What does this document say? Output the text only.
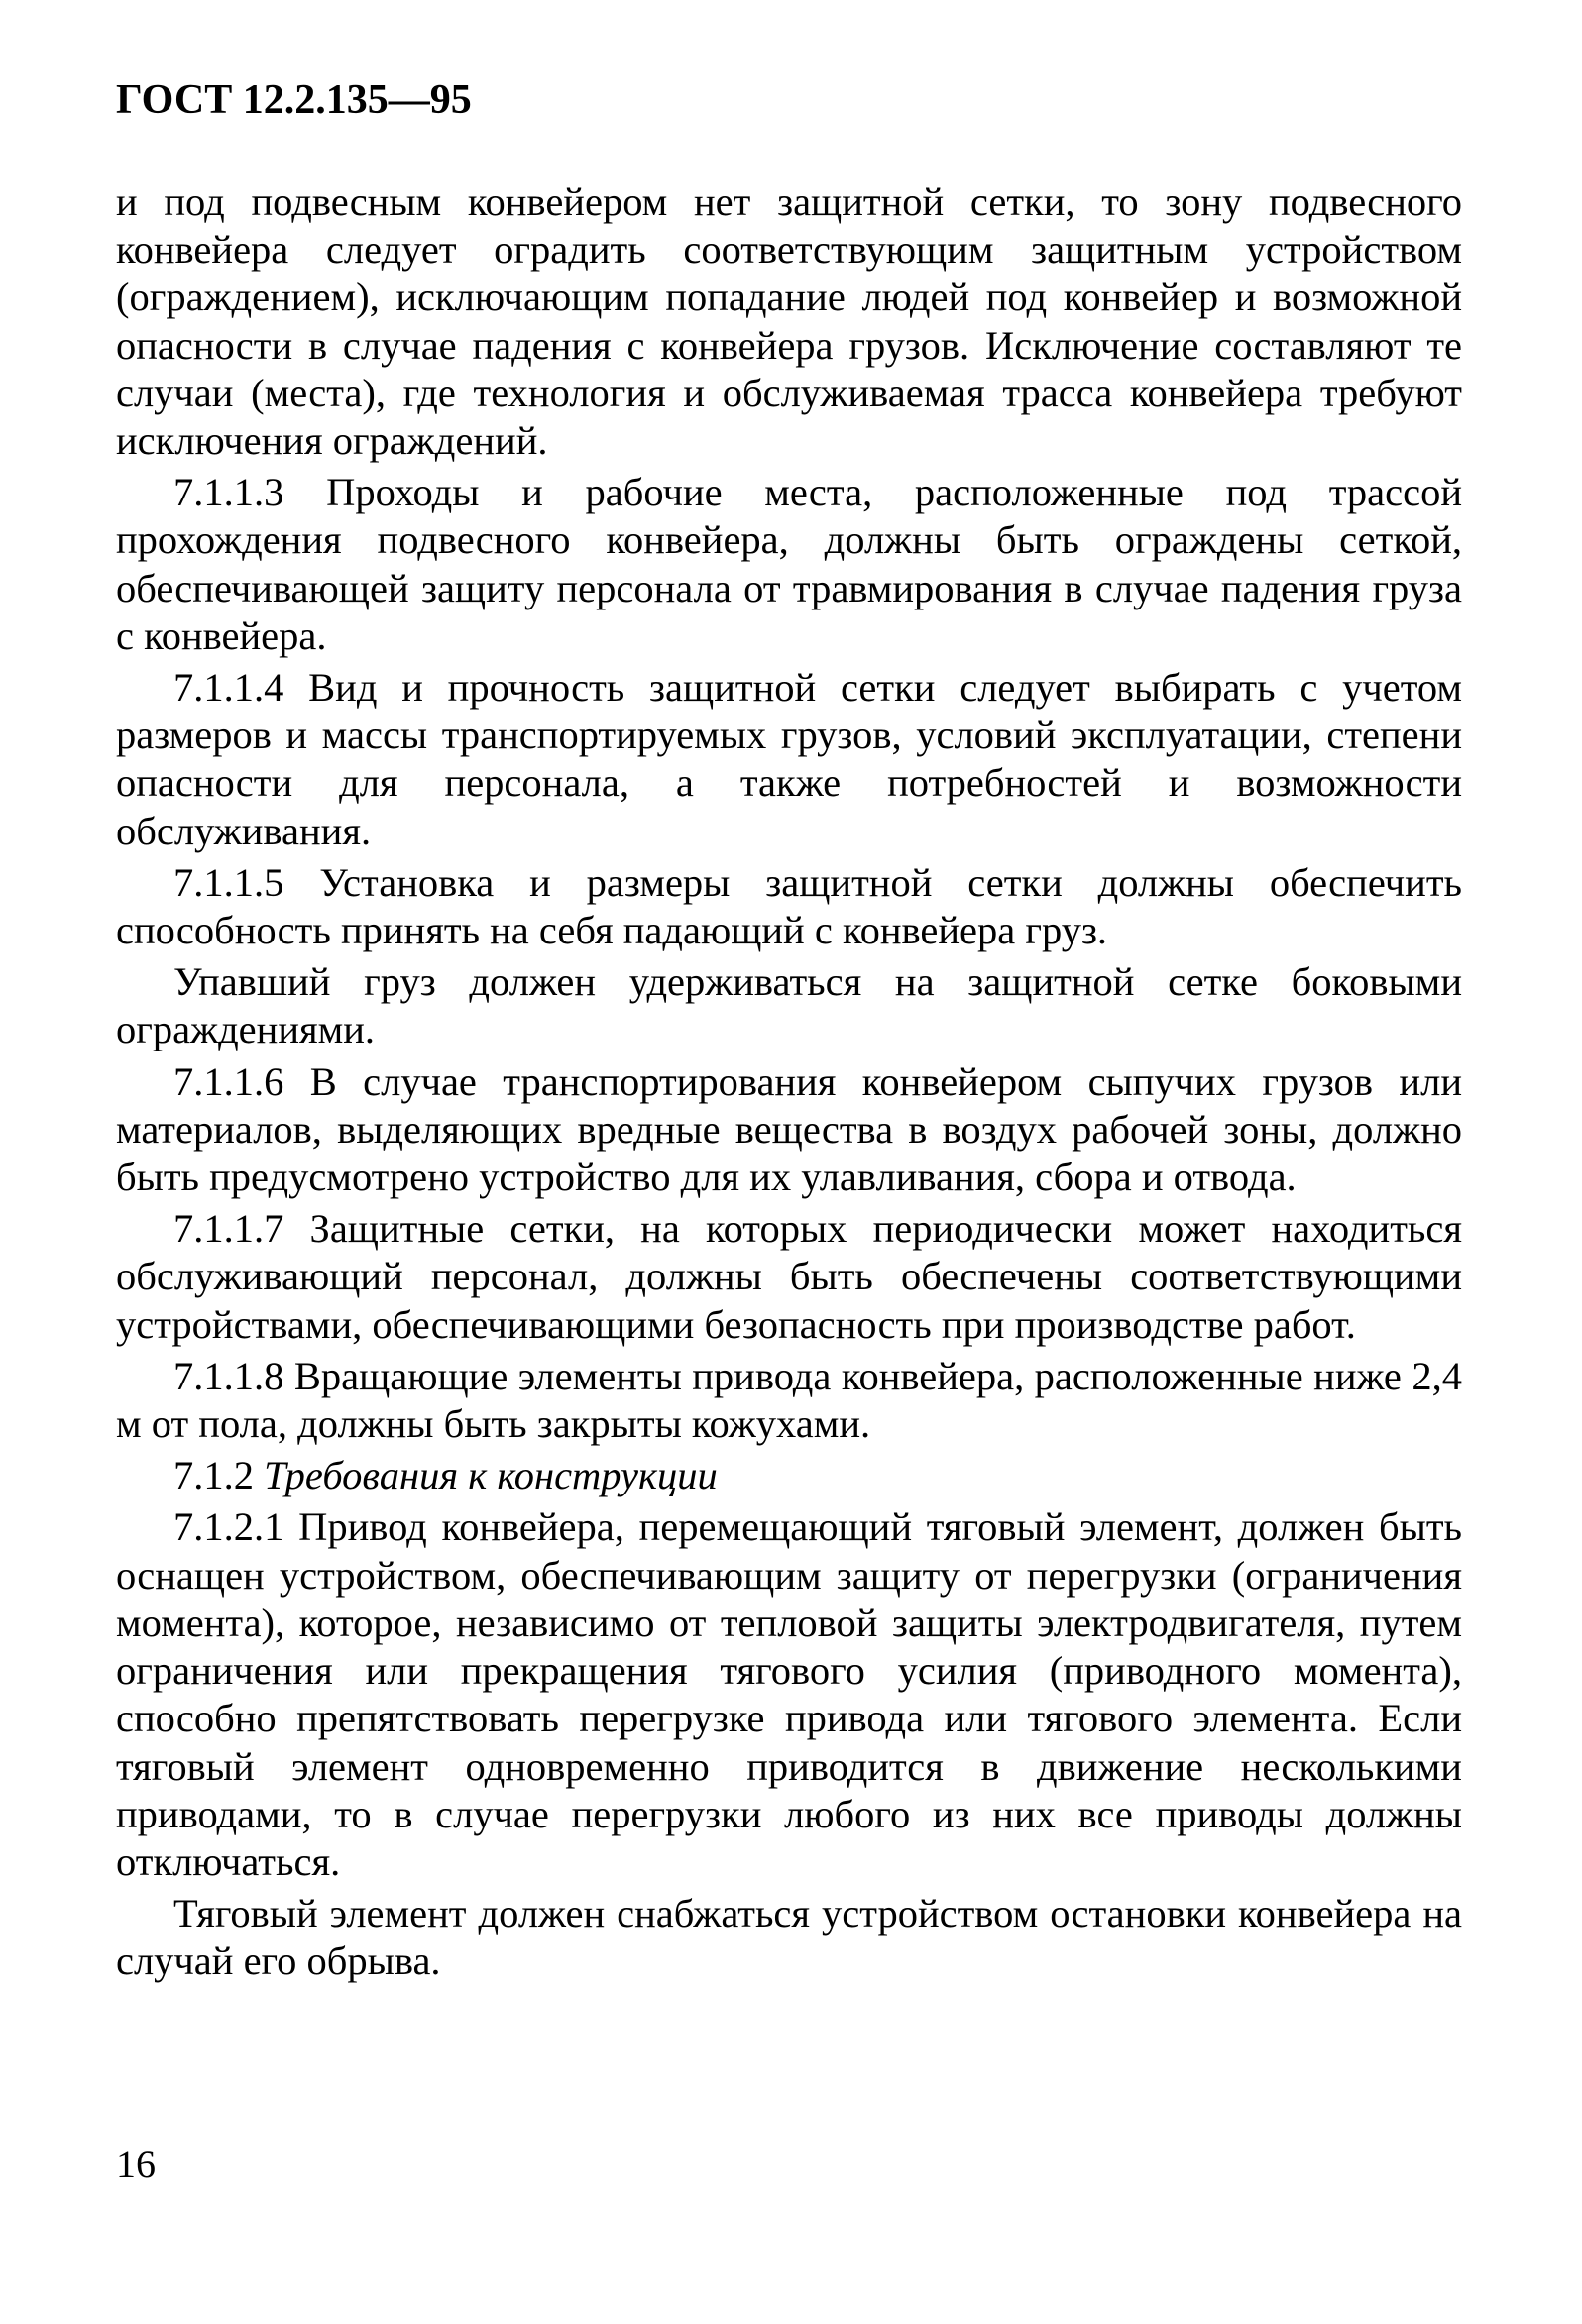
ГОСТ 12.2.135—95

и под подвесным конвейером нет защитной сетки, то зону подвесного конвейера следует оградить соответствующим защитным устройством (ограждением), исключающим попадание людей под конвейер и возможной опасности в случае падения с конвейера грузов. Исключение составляют те случаи (места), где технология и обслуживаемая трасса конвейера требуют исключения ограждений.

7.1.1.3 Проходы и рабочие места, расположенные под трассой прохождения подвесного конвейера, должны быть ограждены сеткой, обеспечивающей защиту персонала от травмирования в случае падения груза с конвейера.

7.1.1.4 Вид и прочность защитной сетки следует выбирать с учетом размеров и массы транспортируемых грузов, условий эксплуатации, степени опасности для персонала, а также потребностей и возможности обслуживания.

7.1.1.5 Установка и размеры защитной сетки должны обеспечить способность принять на себя падающий с конвейера груз.

Упавший груз должен удерживаться на защитной сетке боковыми ограждениями.

7.1.1.6 В случае транспортирования конвейером сыпучих грузов или материалов, выделяющих вредные вещества в воздух рабочей зоны, должно быть предусмотрено устройство для их улавливания, сбора и отвода.

7.1.1.7 Защитные сетки, на которых периодически может находиться обслуживающий персонал, должны быть обеспечены соответствующими устройствами, обеспечивающими безопасность при производстве работ.

7.1.1.8 Вращающие элементы привода конвейера, расположенные ниже 2,4 м от пола, должны быть закрыты кожухами.

7.1.2 Требования к конструкции

7.1.2.1 Привод конвейера, перемещающий тяговый элемент, должен быть оснащен устройством, обеспечивающим защиту от перегрузки (ограничения момента), которое, независимо от тепловой защиты электродвигателя, путем ограничения или прекращения тягового усилия (приводного момента), способно препятствовать перегрузке привода или тягового элемента. Если тяговый элемент одновременно приводится в движение несколькими приводами, то в случае перегрузки любого из них все приводы должны отключаться.

Тяговый элемент должен снабжаться устройством остановки конвейера на случай его обрыва.

16
